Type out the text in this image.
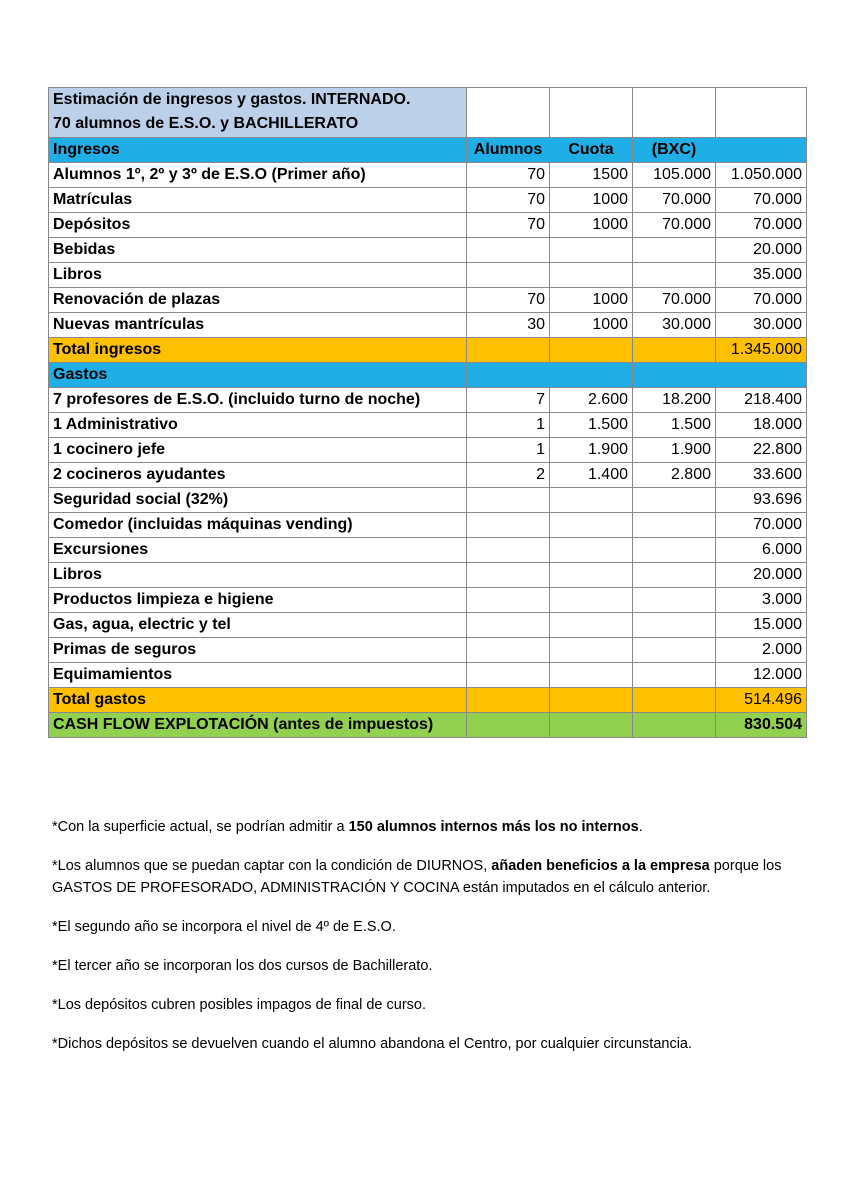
Estimación de ingresos y gastos. INTERNADO.
70 alumnos de E.S.O. y BACHILLERATO				

Ingresos	Alumnos	Cuota	(BXC)	
Alumnos 1º, 2º y 3º de E.S.O (Primer año)	70	1500	105.000	1.050.000
Matrículas	70	1000	70.000	70.000
Depósitos	70	1000	70.000	70.000
Bebidas				20.000
Libros				35.000
Renovación de plazas	70	1000	70.000	70.000
Nuevas mantrículas	30	1000	30.000	30.000
Total ingresos				1.345.000
Gastos				
7 profesores de E.S.O. (incluido turno de noche)	7	2.600	18.200	218.400
1 Administrativo	1	1.500	1.500	18.000
1 cocinero jefe	1	1.900	1.900	22.800
2 cocineros ayudantes	2	1.400	2.800	33.600
Seguridad social (32%)				93.696
Comedor (incluidas máquinas vending)				70.000
Excursiones				6.000
Libros				20.000
Productos limpieza e higiene				3.000
Gas, agua, electric y tel				15.000
Primas de seguros				2.000
Equimamientos				12.000
Total gastos				514.496
CASH FLOW EXPLOTACIÓN (antes de impuestos)				830.504

*Con la superficie actual, se podrían admitir a 150 alumnos internos más los no internos.

*Los alumnos que se puedan captar con la condición de DIURNOS, añaden beneficios a la empresa porque los GASTOS DE PROFESORADO, ADMINISTRACIÓN Y COCINA están imputados en el cálculo anterior.

*El segundo año se incorpora el nivel de 4º de E.S.O.

*El tercer año se incorporan los dos cursos de Bachillerato.

*Los depósitos cubren posibles impagos de final de curso.

*Dichos depósitos se devuelven cuando el alumno abandona el Centro, por cualquier circunstancia.
